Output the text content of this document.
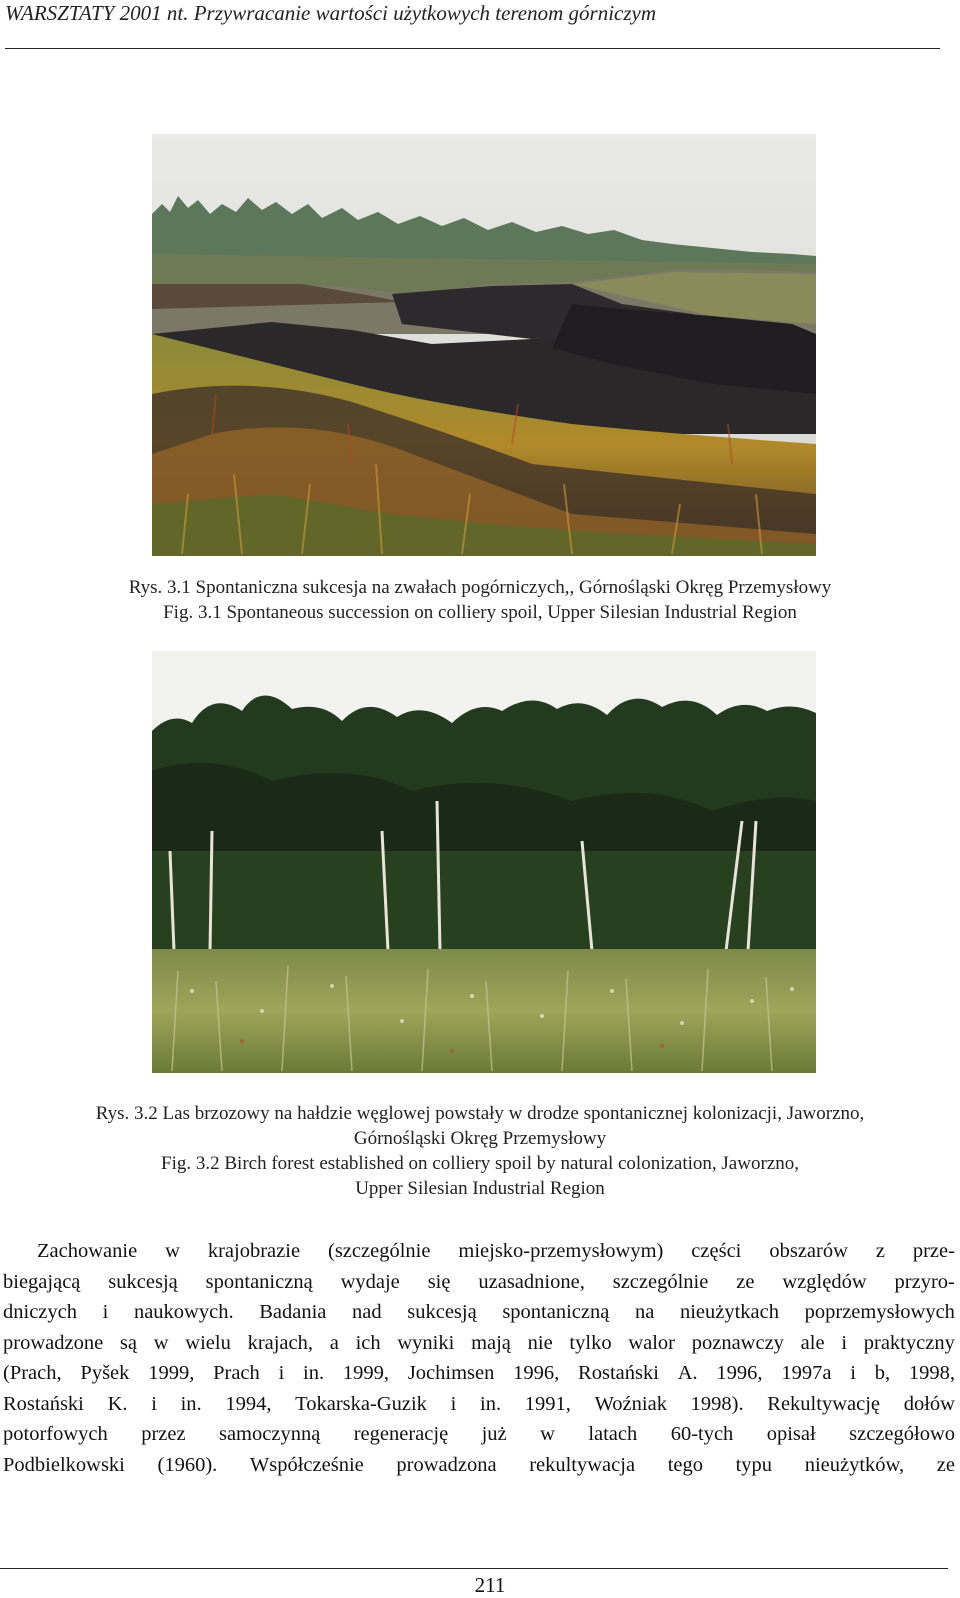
WARSZTATY 2001 nt. Przywracanie wartości użytkowych terenom górniczym
Rys. 3.1 Spontaniczna sukcesja na zwałach pogórniczych,, Górnośląski Okręg Przemysłowy
Fig. 3.1 Spontaneous succession on colliery spoil, Upper Silesian Industrial Region
Rys. 3.2 Las brzozowy na hałdzie węglowej powstały w drodze spontanicznej kolonizacji, Jaworzno,
Górnośląski Okręg Przemysłowy
Fig. 3.2 Birch forest established on colliery spoil by natural colonization, Jaworzno,
Upper Silesian Industrial Region
Zachowanie w krajobrazie (szczególnie miejsko-przemysłowym) części obszarów z prze-
biegającą sukcesją spontaniczną wydaje się uzasadnione, szczególnie ze względów przyro-
dniczych i naukowych. Badania nad sukcesją spontaniczną na nieużytkach poprzemysłowych
prowadzone są w wielu krajach, a ich wyniki mają nie tylko walor poznawczy ale i praktyczny
(Prach, Pyšek 1999, Prach i in. 1999, Jochimsen 1996, Rostański A. 1996, 1997a i b, 1998,
Rostański K. i in. 1994, Tokarska-Guzik i in. 1991, Woźniak 1998). Rekultywację dołów
potorfowych przez samoczynną regenerację już w latach 60-tych opisał szczegółowo
Podbielkowski (1960). Współcześnie prowadzona rekultywacja tego typu nieużytków, ze
211
